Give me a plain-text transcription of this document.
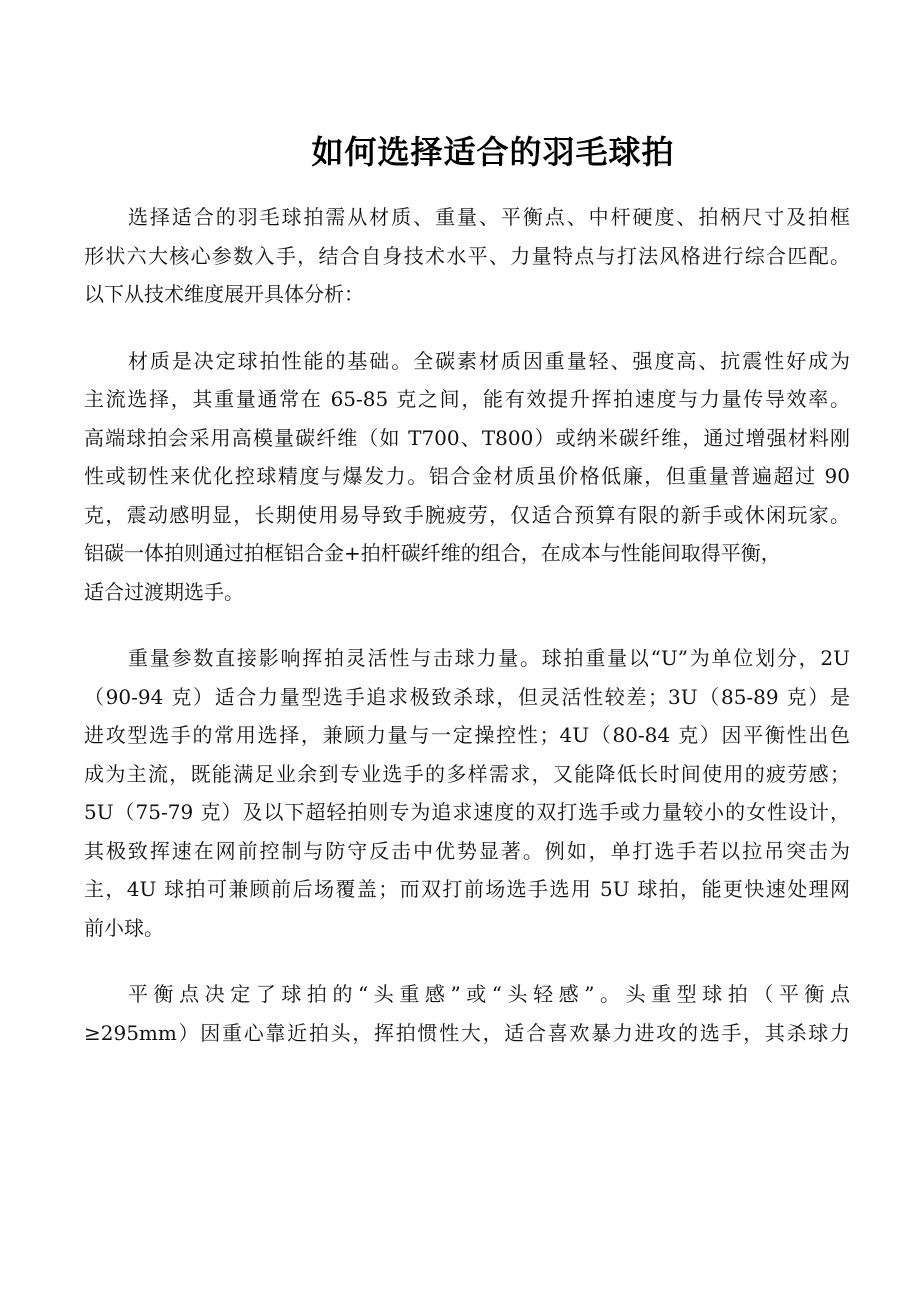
如何选择适合的羽毛球拍

选择适合的羽毛球拍需从材质、重量、平衡点、中杆硬度、拍柄尺寸及拍框
形状六大核心参数入手，结合自身技术水平、力量特点与打法风格进行综合匹配。
以下从技术维度展开具体分析：

材质是决定球拍性能的基础。全碳素材质因重量轻、强度高、抗震性好成为
主流选择，其重量通常在 65-85 克之间，能有效提升挥拍速度与力量传导效率。
高端球拍会采用高模量碳纤维（如 T700、T800）或纳米碳纤维，通过增强材料刚
性或韧性来优化控球精度与爆发力。铝合金材质虽价格低廉，但重量普遍超过 90
克，震动感明显，长期使用易导致手腕疲劳，仅适合预算有限的新手或休闲玩家。
铝碳一体拍则通过拍框铝合金+拍杆碳纤维的组合，在成本与性能间取得平衡，
适合过渡期选手。

重量参数直接影响挥拍灵活性与击球力量。球拍重量以“U”为单位划分，2U
（90-94 克）适合力量型选手追求极致杀球，但灵活性较差；3U（85-89 克）是
进攻型选手的常用选择，兼顾力量与一定操控性；4U（80-84 克）因平衡性出色
成为主流，既能满足业余到专业选手的多样需求，又能降低长时间使用的疲劳感；
5U（75-79 克）及以下超轻拍则专为追求速度的双打选手或力量较小的女性设计，
其极致挥速在网前控制与防守反击中优势显著。例如，单打选手若以拉吊突击为
主，4U 球拍可兼顾前后场覆盖；而双打前场选手选用 5U 球拍，能更快速处理网
前小球。

平衡点决定了球拍的“头重感”或“头轻感”。头重型球拍（平衡点
≥295mm）因重心靠近拍头，挥拍惯性大，适合喜欢暴力进攻的选手，其杀球力
